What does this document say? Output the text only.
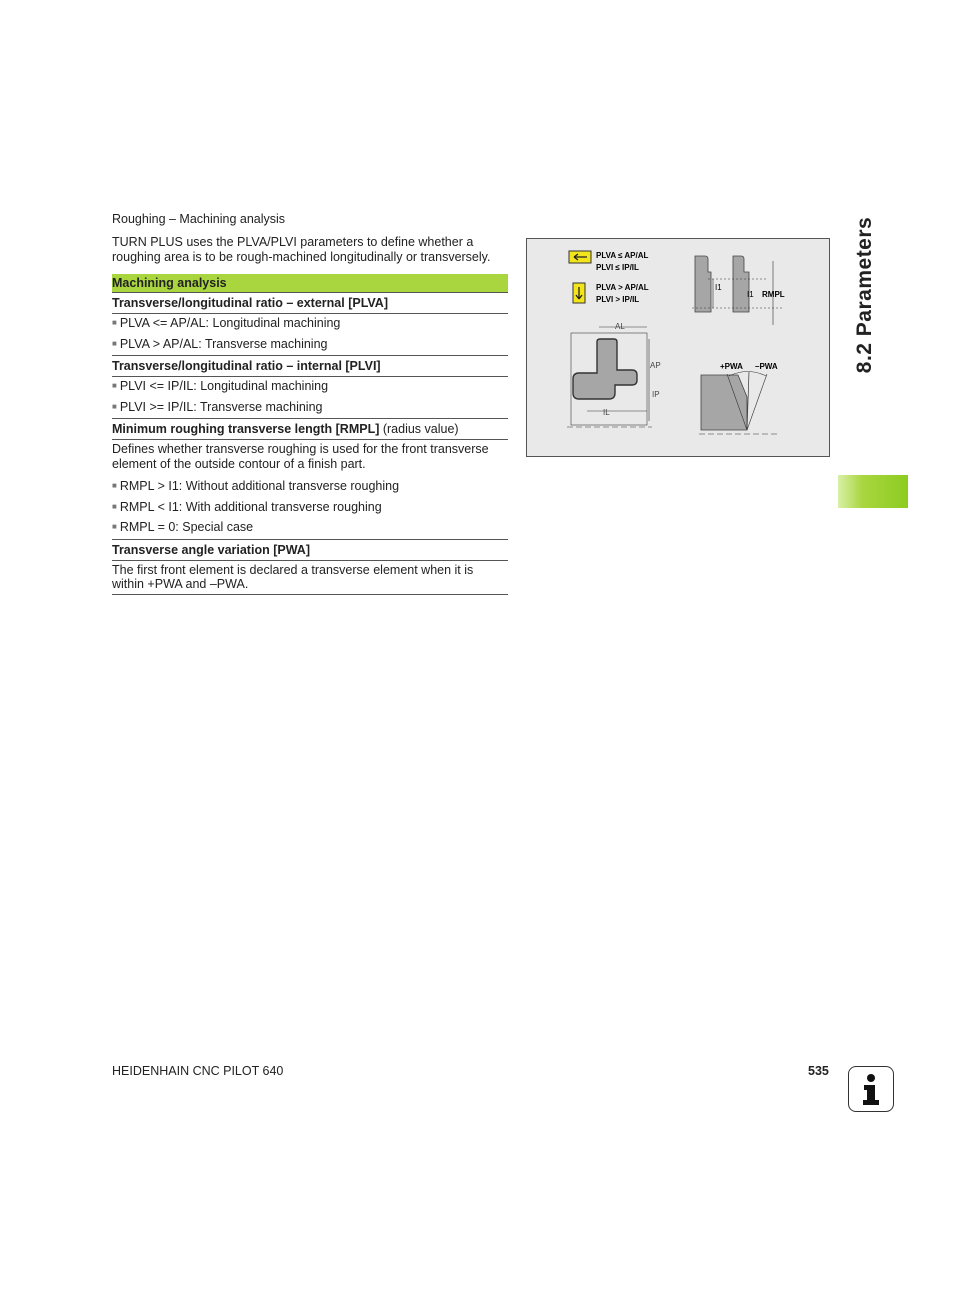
Roughing – Machining analysis
TURN PLUS uses the PLVA/PLVI parameters to define whether a roughing area is to be rough-machined longitudinally or transversely.
Machining analysis
Transverse/longitudinal ratio – external [PLVA]

■ PLVA <= AP/AL: Longitudinal machining
■ PLVA > AP/AL: Transverse machining

Transverse/longitudinal ratio – internal [PLVI]

■ PLVI <= IP/IL: Longitudinal machining
■ PLVI >= IP/IL: Transverse machining

Minimum roughing transverse length [RMPL] (radius value)

Defines whether transverse roughing is used for the front transverse element of the outside contour of a finish part.
■ RMPL > I1: Without additional transverse roughing
■ RMPL < I1: With additional transverse roughing
■ RMPL = 0: Special case

Transverse angle variation [PWA]

The first front element is declared a transverse element when it is within +PWA and –PWA.
PLVA ≤ AP/AL
PLVI ≤ IP/IL
PLVA > AP/AL
PLVI > IP/IL
I1
I1 RMPL
AL
AP
IP
IL
+PWA –PWA	8.2 Parameters
HEIDENHAIN CNC PILOT 640	535
